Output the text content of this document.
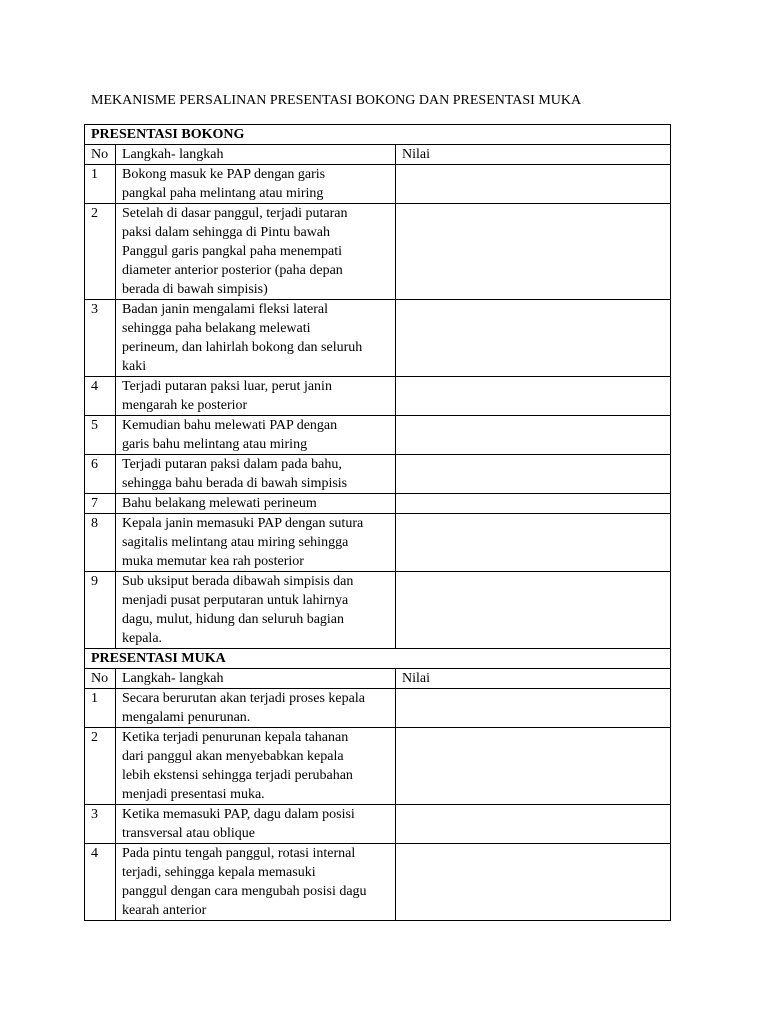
MEKANISME PERSALINAN PRESENTASI BOKONG DAN PRESENTASI MUKA
PRESENTASI BOKONG		
No	Langkah- langkah	Nilai
1	Bokong masuk ke PAP dengan garis
pangkal paha melintang atau miring	
2	Setelah di dasar panggul, terjadi putaran
paksi dalam sehingga di Pintu bawah
Panggul garis pangkal paha menempati
diameter anterior posterior (paha depan
berada di bawah simpisis)	
3	Badan janin mengalami fleksi lateral
sehingga paha belakang melewati
perineum, dan lahirlah bokong dan seluruh
kaki	
4	Terjadi putaran paksi luar, perut janin
mengarah ke posterior	
5	Kemudian bahu melewati PAP dengan
garis bahu melintang atau miring	
6	Terjadi putaran paksi dalam pada bahu,
sehingga bahu berada di bawah simpisis	
7	Bahu belakang melewati perineum	
8	Kepala janin memasuki PAP dengan sutura
sagitalis melintang atau miring sehingga
muka memutar kea rah posterior	
9	Sub uksiput berada dibawah simpisis dan
menjadi pusat perputaran untuk lahirnya
dagu, mulut, hidung dan seluruh bagian
kepala.	
PRESENTASI MUKA		
No	Langkah- langkah	Nilai
1	Secara berurutan akan terjadi proses kepala
mengalami penurunan.	
2	Ketika terjadi penurunan kepala tahanan
dari panggul akan menyebabkan kepala
lebih ekstensi sehingga terjadi perubahan
menjadi presentasi muka.	
3	Ketika memasuki PAP, dagu dalam posisi
transversal atau oblique	
4	Pada pintu tengah panggul, rotasi internal
terjadi, sehingga kepala memasuki
panggul dengan cara mengubah posisi dagu
kearah anterior	
